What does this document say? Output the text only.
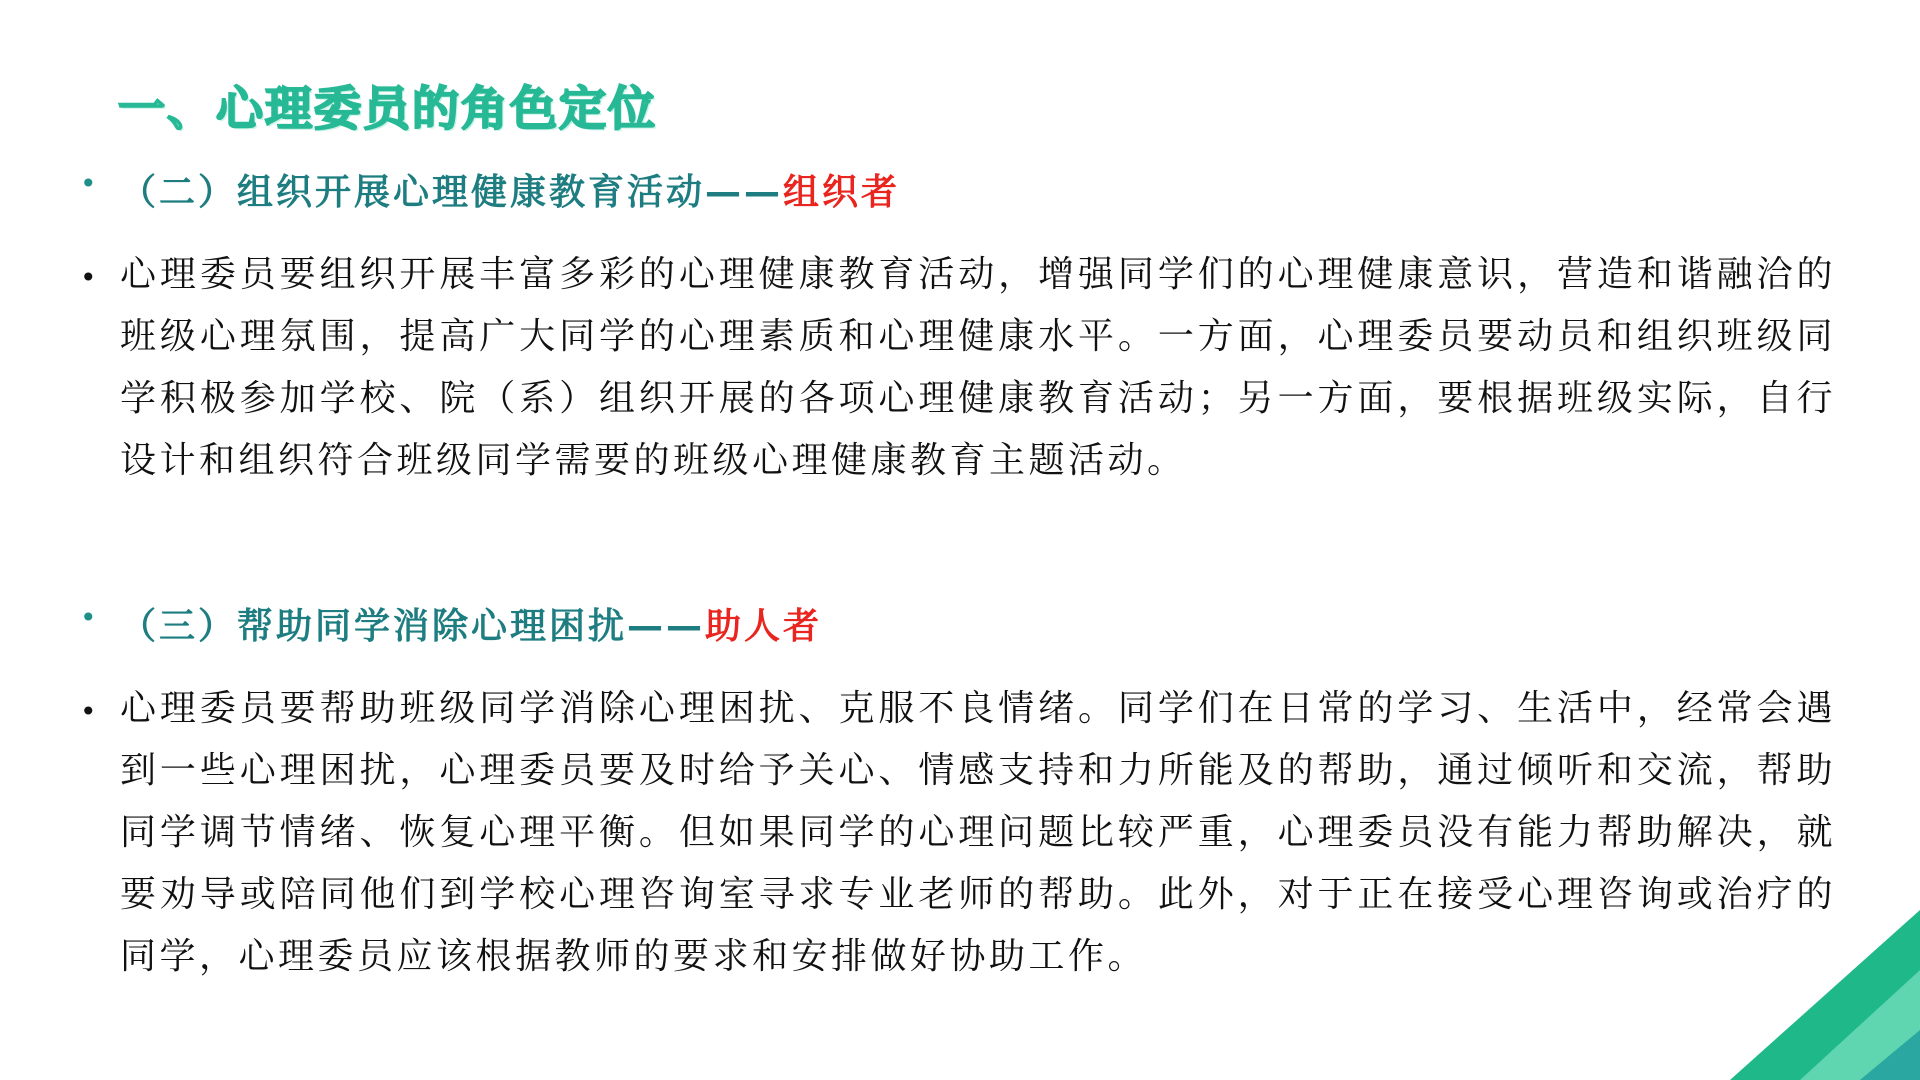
一、心理委员的角色定位
• （二）组织开展心理健康教育活动——组织者
• 心理委员要组织开展丰富多彩的心理健康教育活动，增强同学们的心理健康意识，营造和谐融洽的班级心理氛围，提高广大同学的心理素质和心理健康水平。一方面，心理委员要动员和组织班级同学积极参加学校、院（系）组织开展的各项心理健康教育活动；另一方面，要根据班级实际，自行设计和组织符合班级同学需要的班级心理健康教育主题活动。

• （三）帮助同学消除心理困扰——助人者
• 心理委员要帮助班级同学消除心理困扰、克服不良情绪。同学们在日常的学习、生活中，经常会遇到一些心理困扰，心理委员要及时给予关心、情感支持和力所能及的帮助，通过倾听和交流，帮助同学调节情绪、恢复心理平衡。但如果同学的心理问题比较严重，心理委员没有能力帮助解决，就要劝导或陪同他们到学校心理咨询室寻求专业老师的帮助。此外，对于正在接受心理咨询或治疗的同学，心理委员应该根据教师的要求和安排做好协助工作。
